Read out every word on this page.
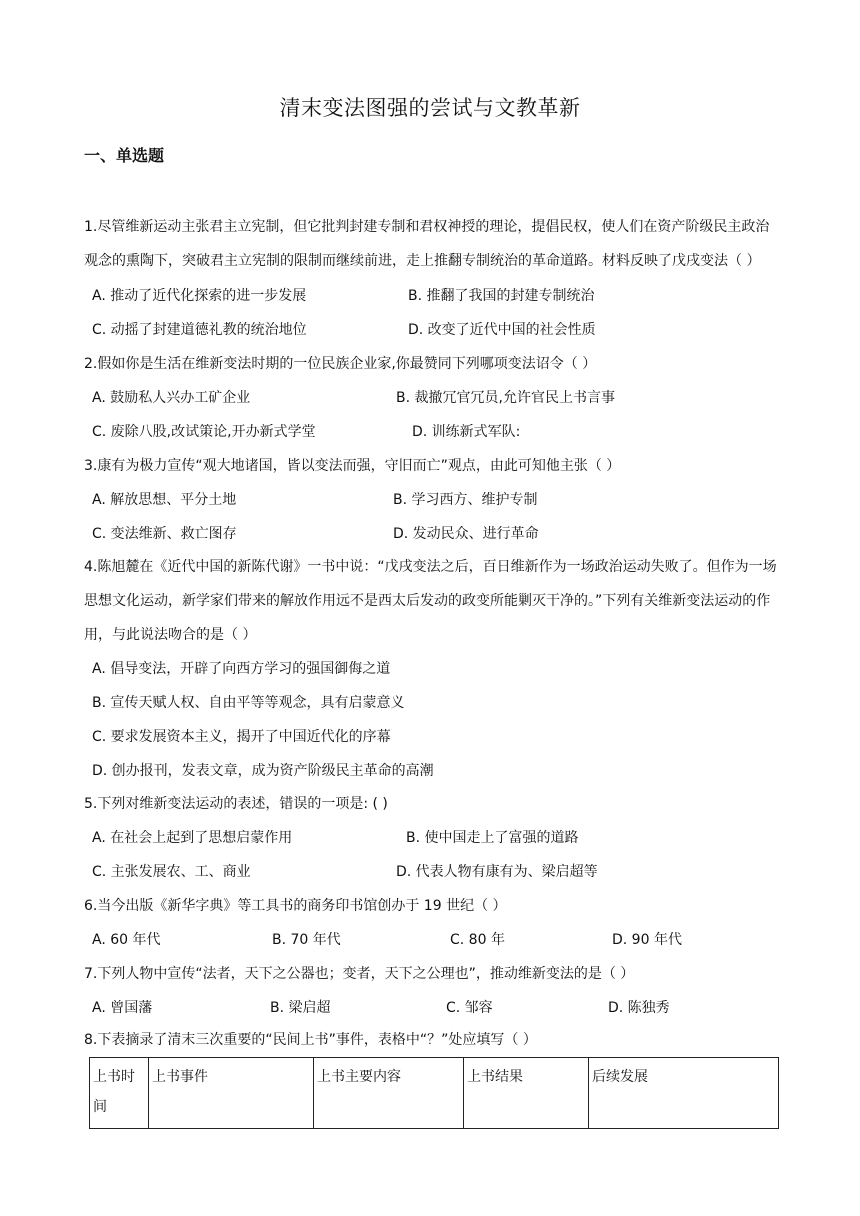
清末变法图强的尝试与文教革新
一、单选题

1.尽管维新运动主张君主立宪制，但它批判封建专制和君权神授的理论，提倡民权，使人们在资产阶级民主政治观念的熏陶下，突破君主立宪制的限制而继续前进，走上推翻专制统治的革命道路。材料反映了戊戌变法（ ）

A. 推动了近代化探索的进一步发展	B. 推翻了我国的封建专制统治
C. 动摇了封建道德礼教的统治地位	D. 改变了近代中国的社会性质

2.假如你是生活在维新变法时期的一位民族企业家,你最赞同下列哪项变法诏令（ ）

A. 鼓励私人兴办工矿企业	B. 裁撤冗官冗员,允许官民上书言事
C. 废除八股,改试策论,开办新式学堂	D. 训练新式军队:

3.康有为极力宣传“观大地诸国，皆以变法而强，守旧而亡”观点，由此可知他主张（ ）

A. 解放思想、平分土地	B. 学习西方、维护专制
C. 变法维新、救亡图存	D. 发动民众、进行革命

4.陈旭麓在《近代中国的新陈代谢》一书中说：“戊戌变法之后，百日维新作为一场政治运动失败了。但作为一场思想文化运动，新学家们带来的解放作用远不是西太后发动的政变所能剿灭干净的。”下列有关维新变法运动的作用，与此说法吻合的是（ ）

A. 倡导变法，开辟了向西方学习的强国御侮之道
B. 宣传天赋人权、自由平等等观念，具有启蒙意义
C. 要求发展资本主义，揭开了中国近代化的序幕
D. 创办报刊，发表文章，成为资产阶级民主革命的高潮

5.下列对维新变法运动的表述，错误的一项是: ( )

A. 在社会上起到了思想启蒙作用	B. 使中国走上了富强的道路
C. 主张发展农、工、商业	D. 代表人物有康有为、梁启超等

6.当今出版《新华字典》等工具书的商务印书馆创办于 19 世纪（ ）

A. 60 年代	B. 70 年代	C. 80 年	D. 90 年代

7.下列人物中宣传“法者，天下之公器也；变者，天下之公理也”，推动维新变法的是（ ）

A. 曾国藩	B. 梁启超	C. 邹容	D. 陈独秀

8.下表摘录了清末三次重要的“民间上书”事件，表格中“？”处应填写（ ）

上书时间	上书事件	上书主要内容	上书结果	后续发展
